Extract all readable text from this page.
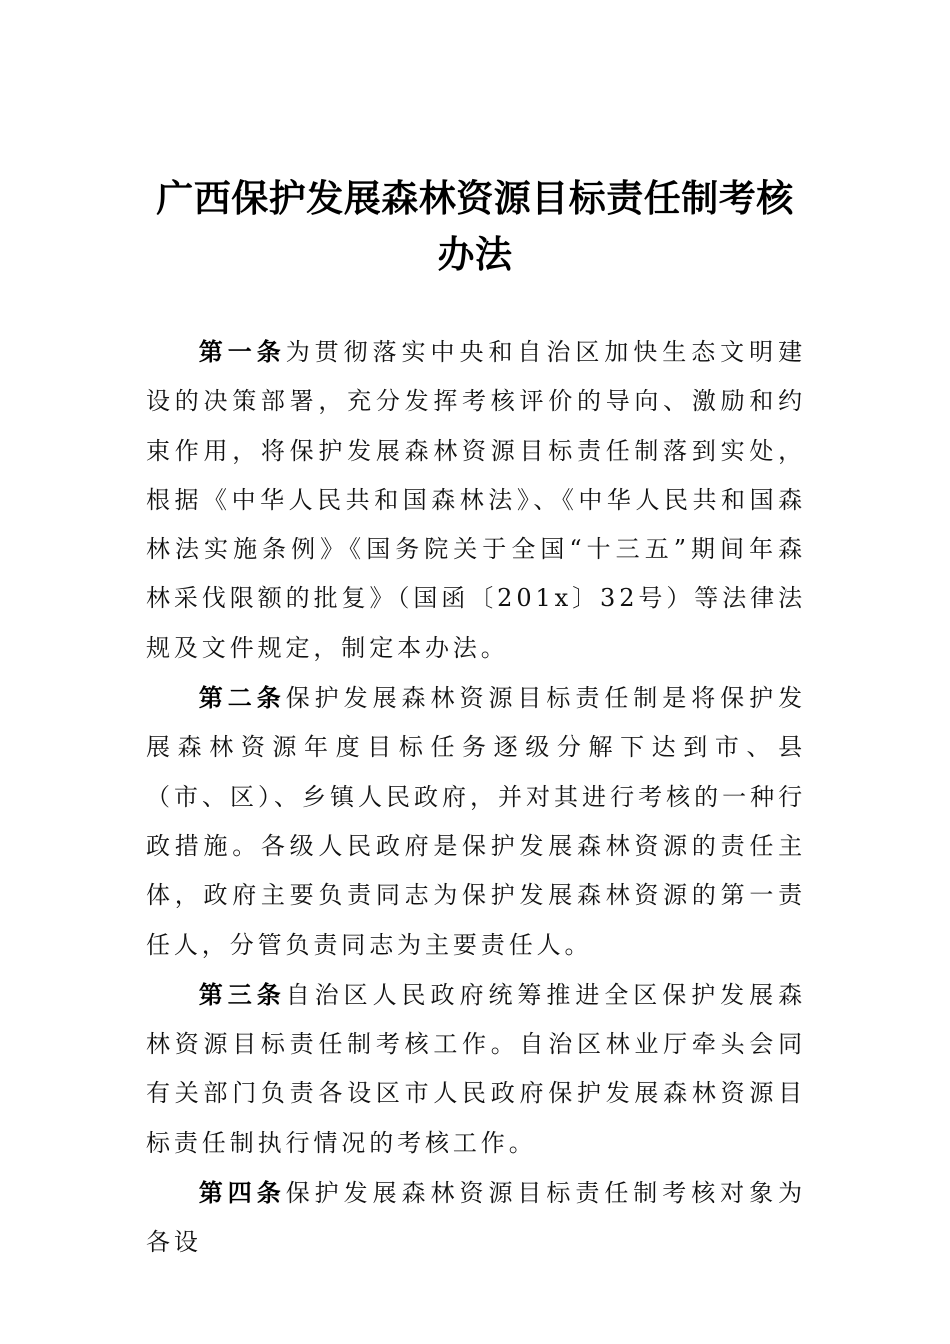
广西保护发展森林资源目标责任制考核办法

第一条为贯彻落实中央和自治区加快生态文明建设的决策部署，充分发挥考核评价的导向、激励和约束作用，将保护发展森林资源目标责任制落到实处，根据《中华人民共和国森林法》、《中华人民共和国森林法实施条例》《国务院关于全国“十三五”期间年森林采伐限额的批复》（国函〔201x〕32号）等法律法规及文件规定，制定本办法。

第二条保护发展森林资源目标责任制是将保护发展森林资源年度目标任务逐级分解下达到市、县（市、区）、乡镇人民政府，并对其进行考核的一种行政措施。各级人民政府是保护发展森林资源的责任主体，政府主要负责同志为保护发展森林资源的第一责任人，分管负责同志为主要责任人。

第三条自治区人民政府统筹推进全区保护发展森林资源目标责任制考核工作。自治区林业厅牵头会同有关部门负责各设区市人民政府保护发展森林资源目标责任制执行情况的考核工作。

第四条保护发展森林资源目标责任制考核对象为各设
